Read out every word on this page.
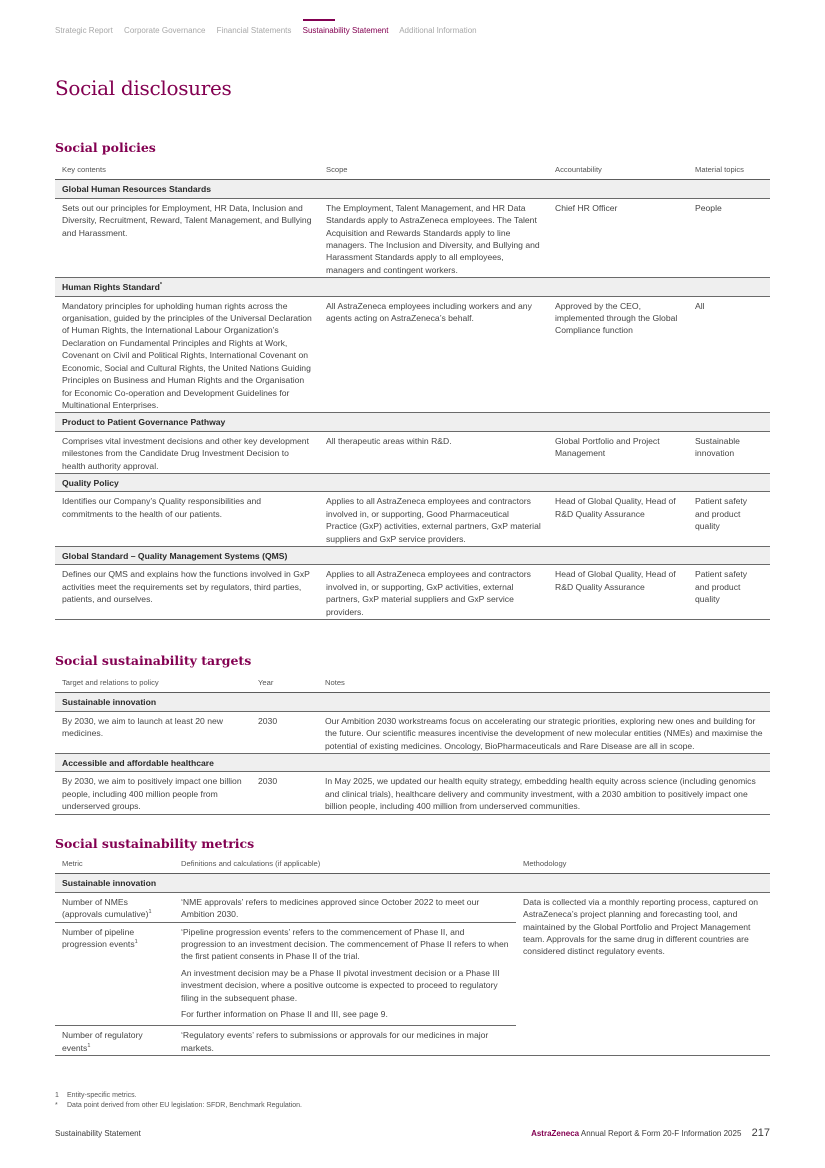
Strategic Report Corporate Governance Financial Statements Sustainability Statement Additional Information
Social disclosures
Social policies
Key contents	Scope	Accountability	Material topics
Global Human Resources Standards			
Sets out our principles for Employment, HR Data, Inclusion and Diversity, Recruitment, Reward, Talent Management, and Bullying and Harassment.	The Employment, Talent Management, and HR Data Standards apply to AstraZeneca employees. The Talent Acquisition and Rewards Standards apply to line managers. The Inclusion and Diversity, and Bullying and Harassment Standards apply to all employees, managers and contingent workers.	Chief HR Officer	People
Human Rights Standard*
Mandatory principles for upholding human rights across the organisation, guided by the principles of the Universal Declaration of Human Rights, the International Labour Organization’s Declaration on Fundamental Principles and Rights at Work, Covenant on Civil and Political Rights, International Covenant on Economic, Social and Cultural Rights, the United Nations Guiding Principles on Business and Human Rights and the Organisation for Economic Co-operation and Development Guidelines for Multinational Enterprises.	All AstraZeneca employees including workers and any agents acting on AstraZeneca’s behalf.	Approved by the CEO, implemented through the Global Compliance function	All
Product to Patient Governance Pathway			
Comprises vital investment decisions and other key development milestones from the Candidate Drug Investment Decision to health authority approval.	All therapeutic areas within R&D.	Global Portfolio and Project Management	Sustainable innovation
Quality Policy			
Identifies our Company’s Quality responsibilities and commitments to the health of our patients.	Applies to all AstraZeneca employees and contractors involved in, or supporting, Good Pharmaceutical Practice (GxP) activities, external partners, GxP material suppliers and GxP service providers.	Head of Global Quality, Head of R&D Quality Assurance	Patient safety and product quality
Global Standard – Quality Management Systems (QMS)			
Defines our QMS and explains how the functions involved in GxP activities meet the requirements set by regulators, third parties, patients, and ourselves.	Applies to all AstraZeneca employees and contractors involved in, or supporting, GxP activities, external partners, GxP material suppliers and GxP service providers.	Head of Global Quality, Head of R&D Quality Assurance	Patient safety and product quality
Social sustainability targets
Target and relations to policy	Year	Notes
Sustainable innovation		
By 2030, we aim to launch at least 20 new medicines.	2030	Our Ambition 2030 workstreams focus on accelerating our strategic priorities, exploring new ones and building for the future. Our scientific measures incentivise the development of new molecular entities (NMEs) and maximise the potential of existing medicines. Oncology, BioPharmaceuticals and Rare Disease are all in scope.
Accessible and affordable healthcare		
By 2030, we aim to positively impact one billion people, including 400 million people from underserved groups.	2030	In May 2025, we updated our health equity strategy, embedding health equity across science (including genomics and clinical trials), healthcare delivery and community investment, with a 2030 ambition to positively impact one billion people, including 400 million from underserved communities.
Social sustainability metrics
Metric	Definitions and calculations (if applicable)	Methodology
Sustainable innovation		
Number of NMEs (approvals cumulative)$^1$	‘NME approvals’ refers to medicines approved since October 2022 to meet our Ambition 2030.	Data is collected via a monthly reporting process, captured on AstraZeneca’s project planning and forecasting tool, and maintained by the Global Portfolio and Project Management team. Approvals for the same drug in different countries are considered distinct regulatory events.
Number of pipeline progression events$^1$	‘Pipeline progression events’ refers to the commencement of Phase II, and progression to an investment decision. The commencement of Phase II refers to when the first patient consents in Phase II of the trial.

An investment decision may be a Phase II pivotal investment decision or a Phase III investment decision, where a positive outcome is expected to proceed to regulatory filing in the subsequent phase.

For further information on Phase II and III, see page 9.	

Number of regulatory events$^1$	‘Regulatory events’ refers to submissions or approvals for our medicines in major markets.	
1 Entity-specific metrics.
* Data point derived from other EU legislation: SFDR, Benchmark Regulation.
Sustainability Statement	AstraZeneca Annual Report & Form 20-F Information 2025 217
